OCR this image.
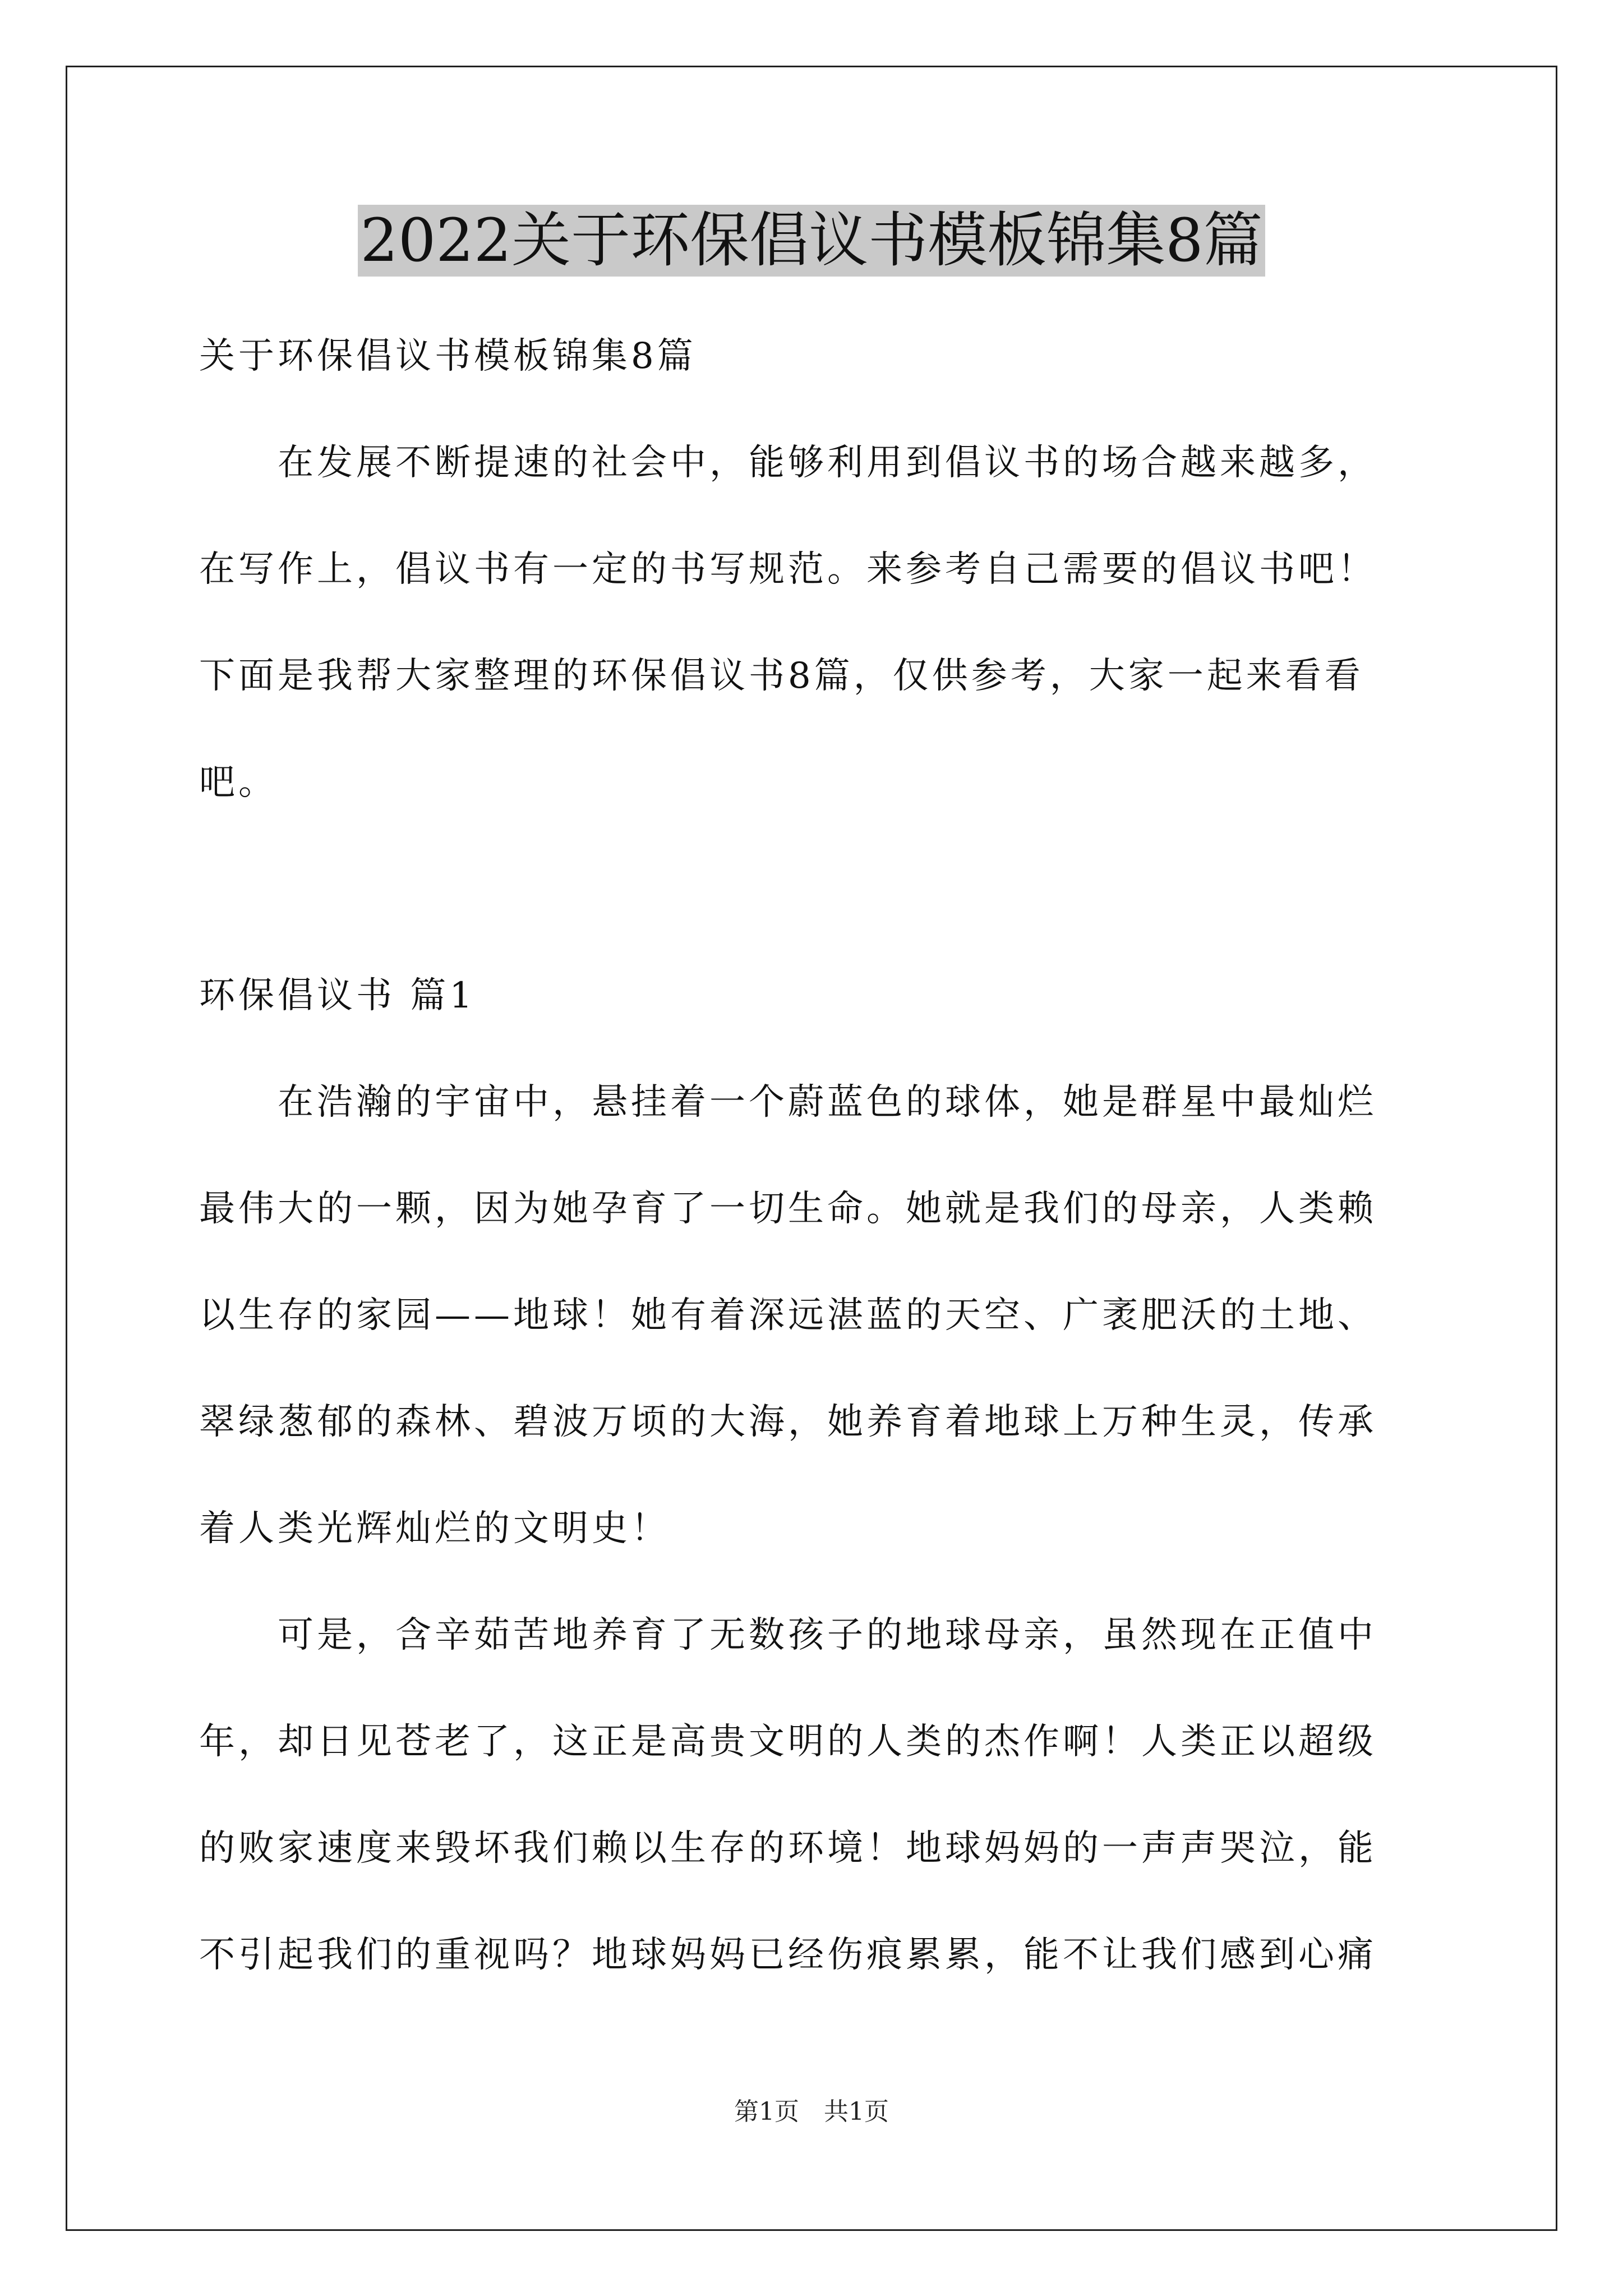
2022关于环保倡议书模板锦集8篇
关于环保倡议书模板锦集8篇
　　在发展不断提速的社会中，能够利用到倡议书的场合越来越多，
在写作上，倡议书有一定的书写规范。来参考自己需要的倡议书吧！
下面是我帮大家整理的环保倡议书8篇，仅供参考，大家一起来看看
吧。
环保倡议书 篇1
　　在浩瀚的宇宙中，悬挂着一个蔚蓝色的球体，她是群星中最灿烂
最伟大的一颗，因为她孕育了一切生命。她就是我们的母亲，人类赖
以生存的家园——地球！她有着深远湛蓝的天空、广袤肥沃的土地、
翠绿葱郁的森林、碧波万顷的大海，她养育着地球上万种生灵，传承
着人类光辉灿烂的文明史！
　　可是，含辛茹苦地养育了无数孩子的地球母亲，虽然现在正值中
年，却日见苍老了，这正是高贵文明的人类的杰作啊！人类正以超级
的败家速度来毁坏我们赖以生存的环境！地球妈妈的一声声哭泣，能
不引起我们的重视吗？地球妈妈已经伤痕累累，能不让我们感到心痛
第1页　共1页
